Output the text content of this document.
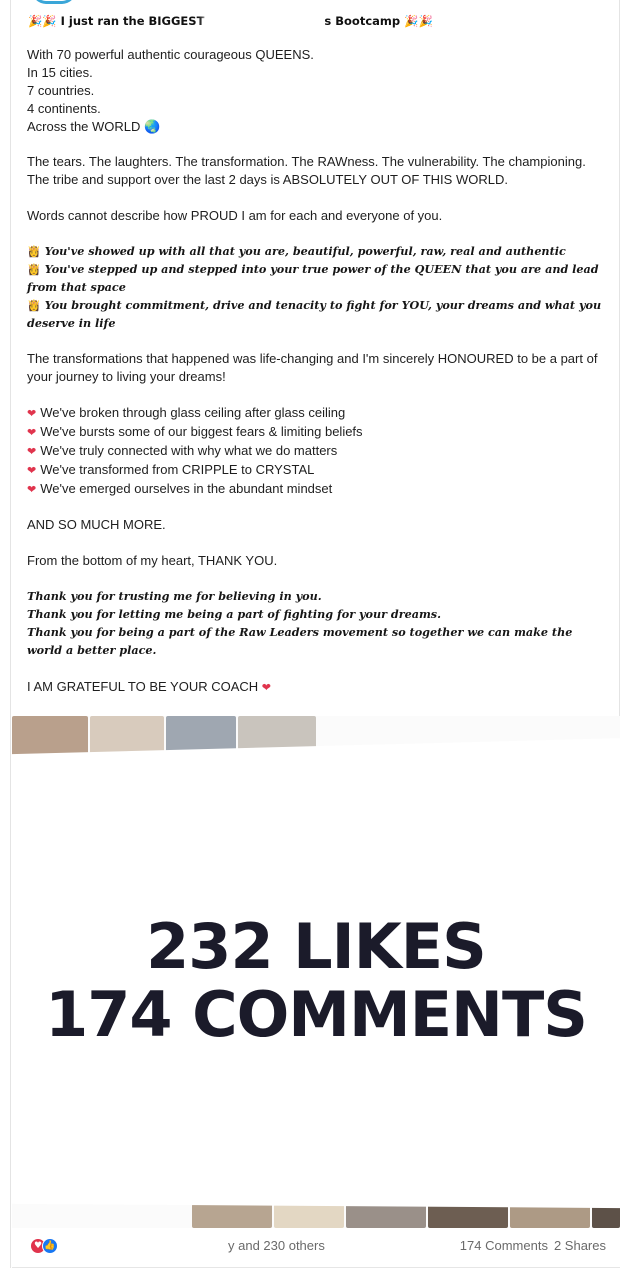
🎉🎉 I just ran the BIGGEST	s Bootcamp 🎉🎉

With 70 powerful authentic courageous QUEENS.

In 15 cities.

7 countries.

4 continents.

Across the WORLD 🌏

The tears. The laughters. The transformation. The RAWness. The vulnerability. The championing. The tribe and support over the last 2 days is ABSOLUTELY OUT OF THIS WORLD.

Words cannot describe how PROUD I am for each and everyone of you.

👸 You've showed up with all that you are, beautiful, powerful, raw, real and authentic

👸 You've stepped up and stepped into your true power of the QUEEN that you are and lead from that space

👸 You brought commitment, drive and tenacity to fight for YOU, your dreams and what you deserve in life

The transformations that happened was life-changing and I'm sincerely HONOURED to be a part of your journey to living your dreams!

❤ We've broken through glass ceiling after glass ceiling

❤ We've bursts some of our biggest fears & limiting beliefs

❤ We've truly connected with why what we do matters

❤ We've transformed from CRIPPLE to CRYSTAL

❤ We've emerged ourselves in the abundant mindset

AND SO MUCH MORE.

From the bottom of my heart, THANK YOU.

Thank you for trusting me for believing in you.

Thank you for letting me being a part of fighting for your dreams.

Thank you for being a part of the Raw Leaders movement so together we can make the world a better place.

I AM GRATEFUL TO BE YOUR COACH ❤

232 LIKES
174 COMMENTS
♥ 👍	y and 230 others	174 Comments 2 Shares
